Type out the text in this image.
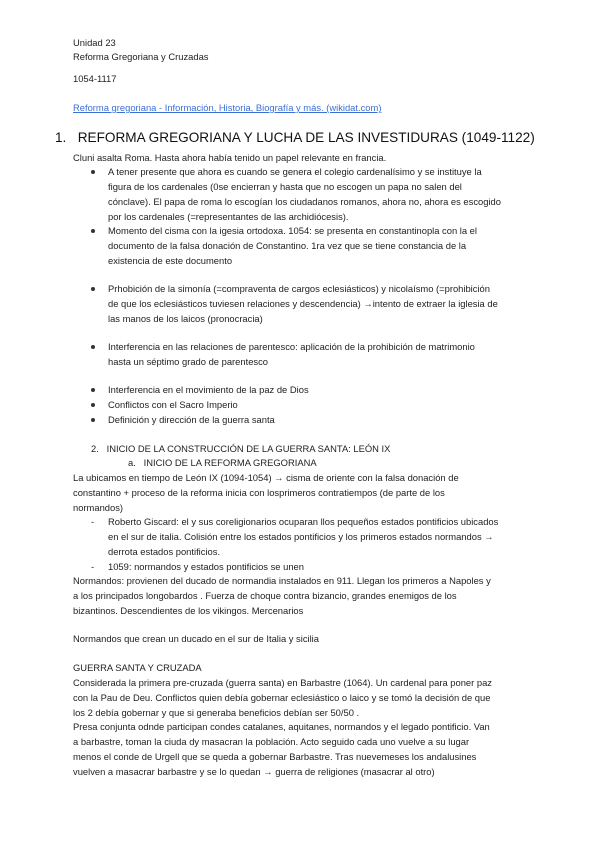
Unidad 23
Reforma Gregoriana y Cruzadas
1054-1117
Reforma gregoriana - Información, Historia, Biografía y más. (wikidat.com)
1. REFORMA GREGORIANA Y LUCHA DE LAS INVESTIDURAS (1049-1122)
Cluni asalta Roma. Hasta ahora había tenido un papel relevante en francia.
A tener presente que ahora es cuando se genera el colegio cardenalísimo y se instituye la
figura de los cardenales (0se encierran y hasta que no escogen un papa no salen del
cónclave). El papa de roma lo escogían los ciudadanos romanos, ahora no, ahora es escogido
por los cardenales (=representantes de las archidiócesis).
Momento del cisma con la igesia ortodoxa. 1054: se presenta en constantinopla con la el
documento de la falsa donación de Constantino. 1ra vez que se tiene constancia de la
existencia de este documento
Prhobición de la simonía (=compraventa de cargos eclesiásticos) y nicolaísmo (=prohibición
de que los eclesiásticos tuviesen relaciones y descendencia) →intento de extraer la iglesia de
las manos de los laicos (pronocracia)
Interferencia en las relaciones de parentesco: aplicación de la prohibición de matrimonio
hasta un séptimo grado de parentesco
Interferencia en el movimiento de la paz de Dios
Conflictos con el Sacro Imperio
Definición y dirección de la guerra santa
2. INICIO DE LA CONSTRUCCIÓN DE LA GUERRA SANTA: LEÓN IX
a. INICIO DE LA REFORMA GREGORIANA
La ubicamos en tiempo de León IX (1094-1054) → cisma de oriente con la falsa donación de
constantino + proceso de la reforma inicia con losprimeros contratiempos (de parte de los
normandos)
- Roberto Giscard: el y sus coreligionarios ocuparan llos pequeños estados pontificios ubicados
en el sur de italia. Colisión entre los estados pontificios y los primeros estados normandos →
derrota estados pontificios.
- 1059: normandos y estados pontificios se unen
Normandos: provienen del ducado de normandia instalados en 911. Llegan los primeros a Napoles y
a los principados longobardos . Fuerza de choque contra bizancio, grandes enemigos de los
bizantinos. Descendientes de los vikingos. Mercenarios
Normandos que crean un ducado en el sur de Italia y sicilia
GUERRA SANTA Y CRUZADA
Considerada la primera pre-cruzada (guerra santa) en Barbastre (1064). Un cardenal para poner paz
con la Pau de Deu. Conflictos quien debía gobernar eclesiástico o laico y se tomó la decisión de que
los 2 debía gobernar y que si generaba beneficios debían ser 50/50 .
Presa conjunta odnde participan condes catalanes, aquitanes, normandos y el legado pontificio. Van
a barbastre, toman la ciuda dy masacran la población. Acto seguido cada uno vuelve a su lugar
menos el conde de Urgell que se queda a gobernar Barbastre. Tras nuevemeses los andalusines
vuelven a masacrar barbastre y se lo quedan → guerra de religiones (masacrar al otro)
